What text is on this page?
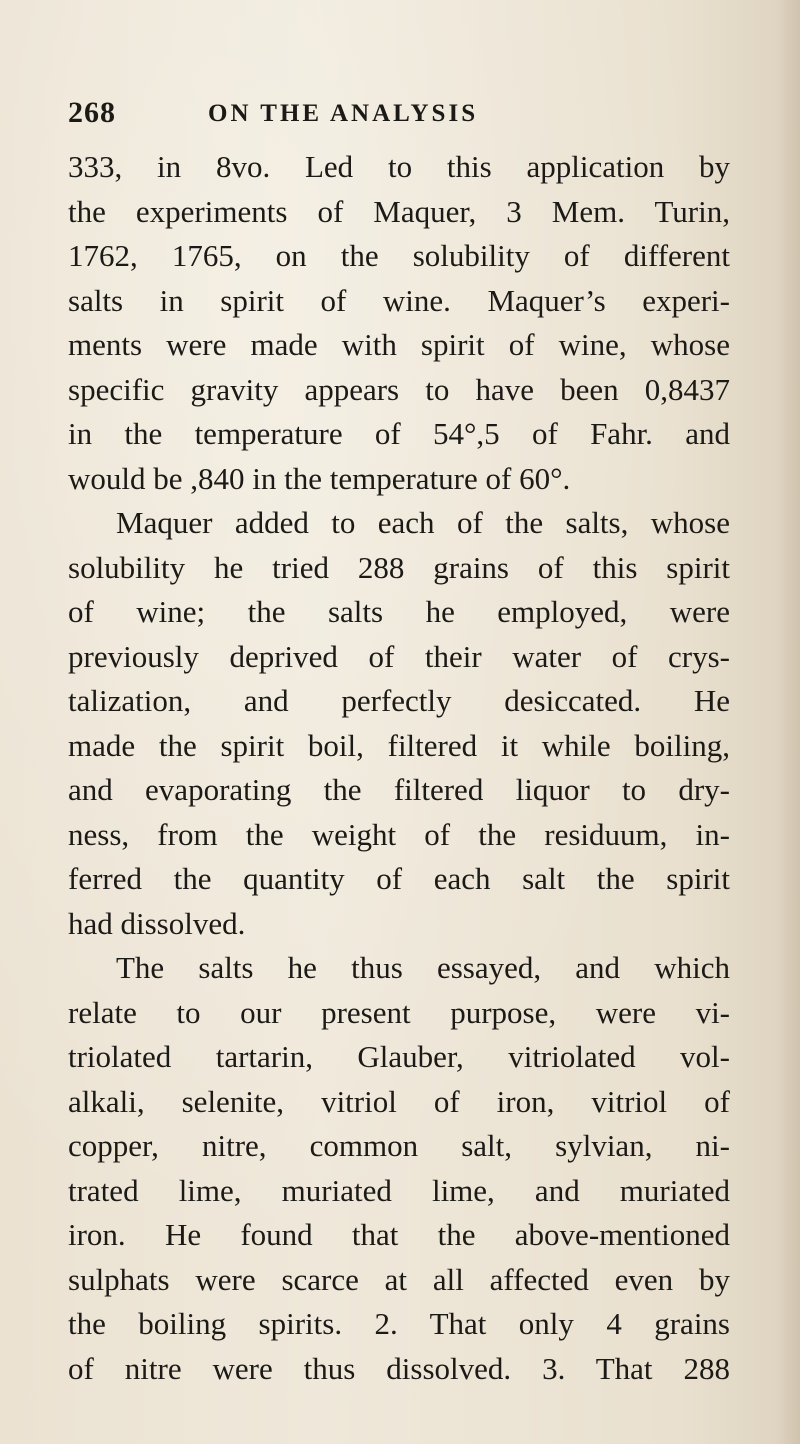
268	ON THE ANALYSIS
333, in 8vo. Led to this application by
the experiments of Maquer, 3 Mem. Turin,
1762, 1765, on the solubility of different
salts in spirit of wine. Maquer’s experi-
ments were made with spirit of wine, whose
specific gravity appears to have been 0,8437
in the temperature of 54°,5 of Fahr. and
would be ,840 in the temperature of 60°.
Maquer added to each of the salts, whose
solubility he tried 288 grains of this spirit
of wine; the salts he employed, were
previously deprived of their water of crys-
talization, and perfectly desiccated. He
made the spirit boil, filtered it while boiling,
and evaporating the filtered liquor to dry-
ness, from the weight of the residuum, in-
ferred the quantity of each salt the spirit
had dissolved.
The salts he thus essayed, and which
relate to our present purpose, were vi-
triolated tartarin, Glauber, vitriolated vol-
alkali, selenite, vitriol of iron, vitriol of
copper, nitre, common salt, sylvian, ni-
trated lime, muriated lime, and muriated
iron. He found that the above-mentioned
sulphats were scarce at all affected even by
the boiling spirits. 2. That only 4 grains
of nitre were thus dissolved. 3. That 288
